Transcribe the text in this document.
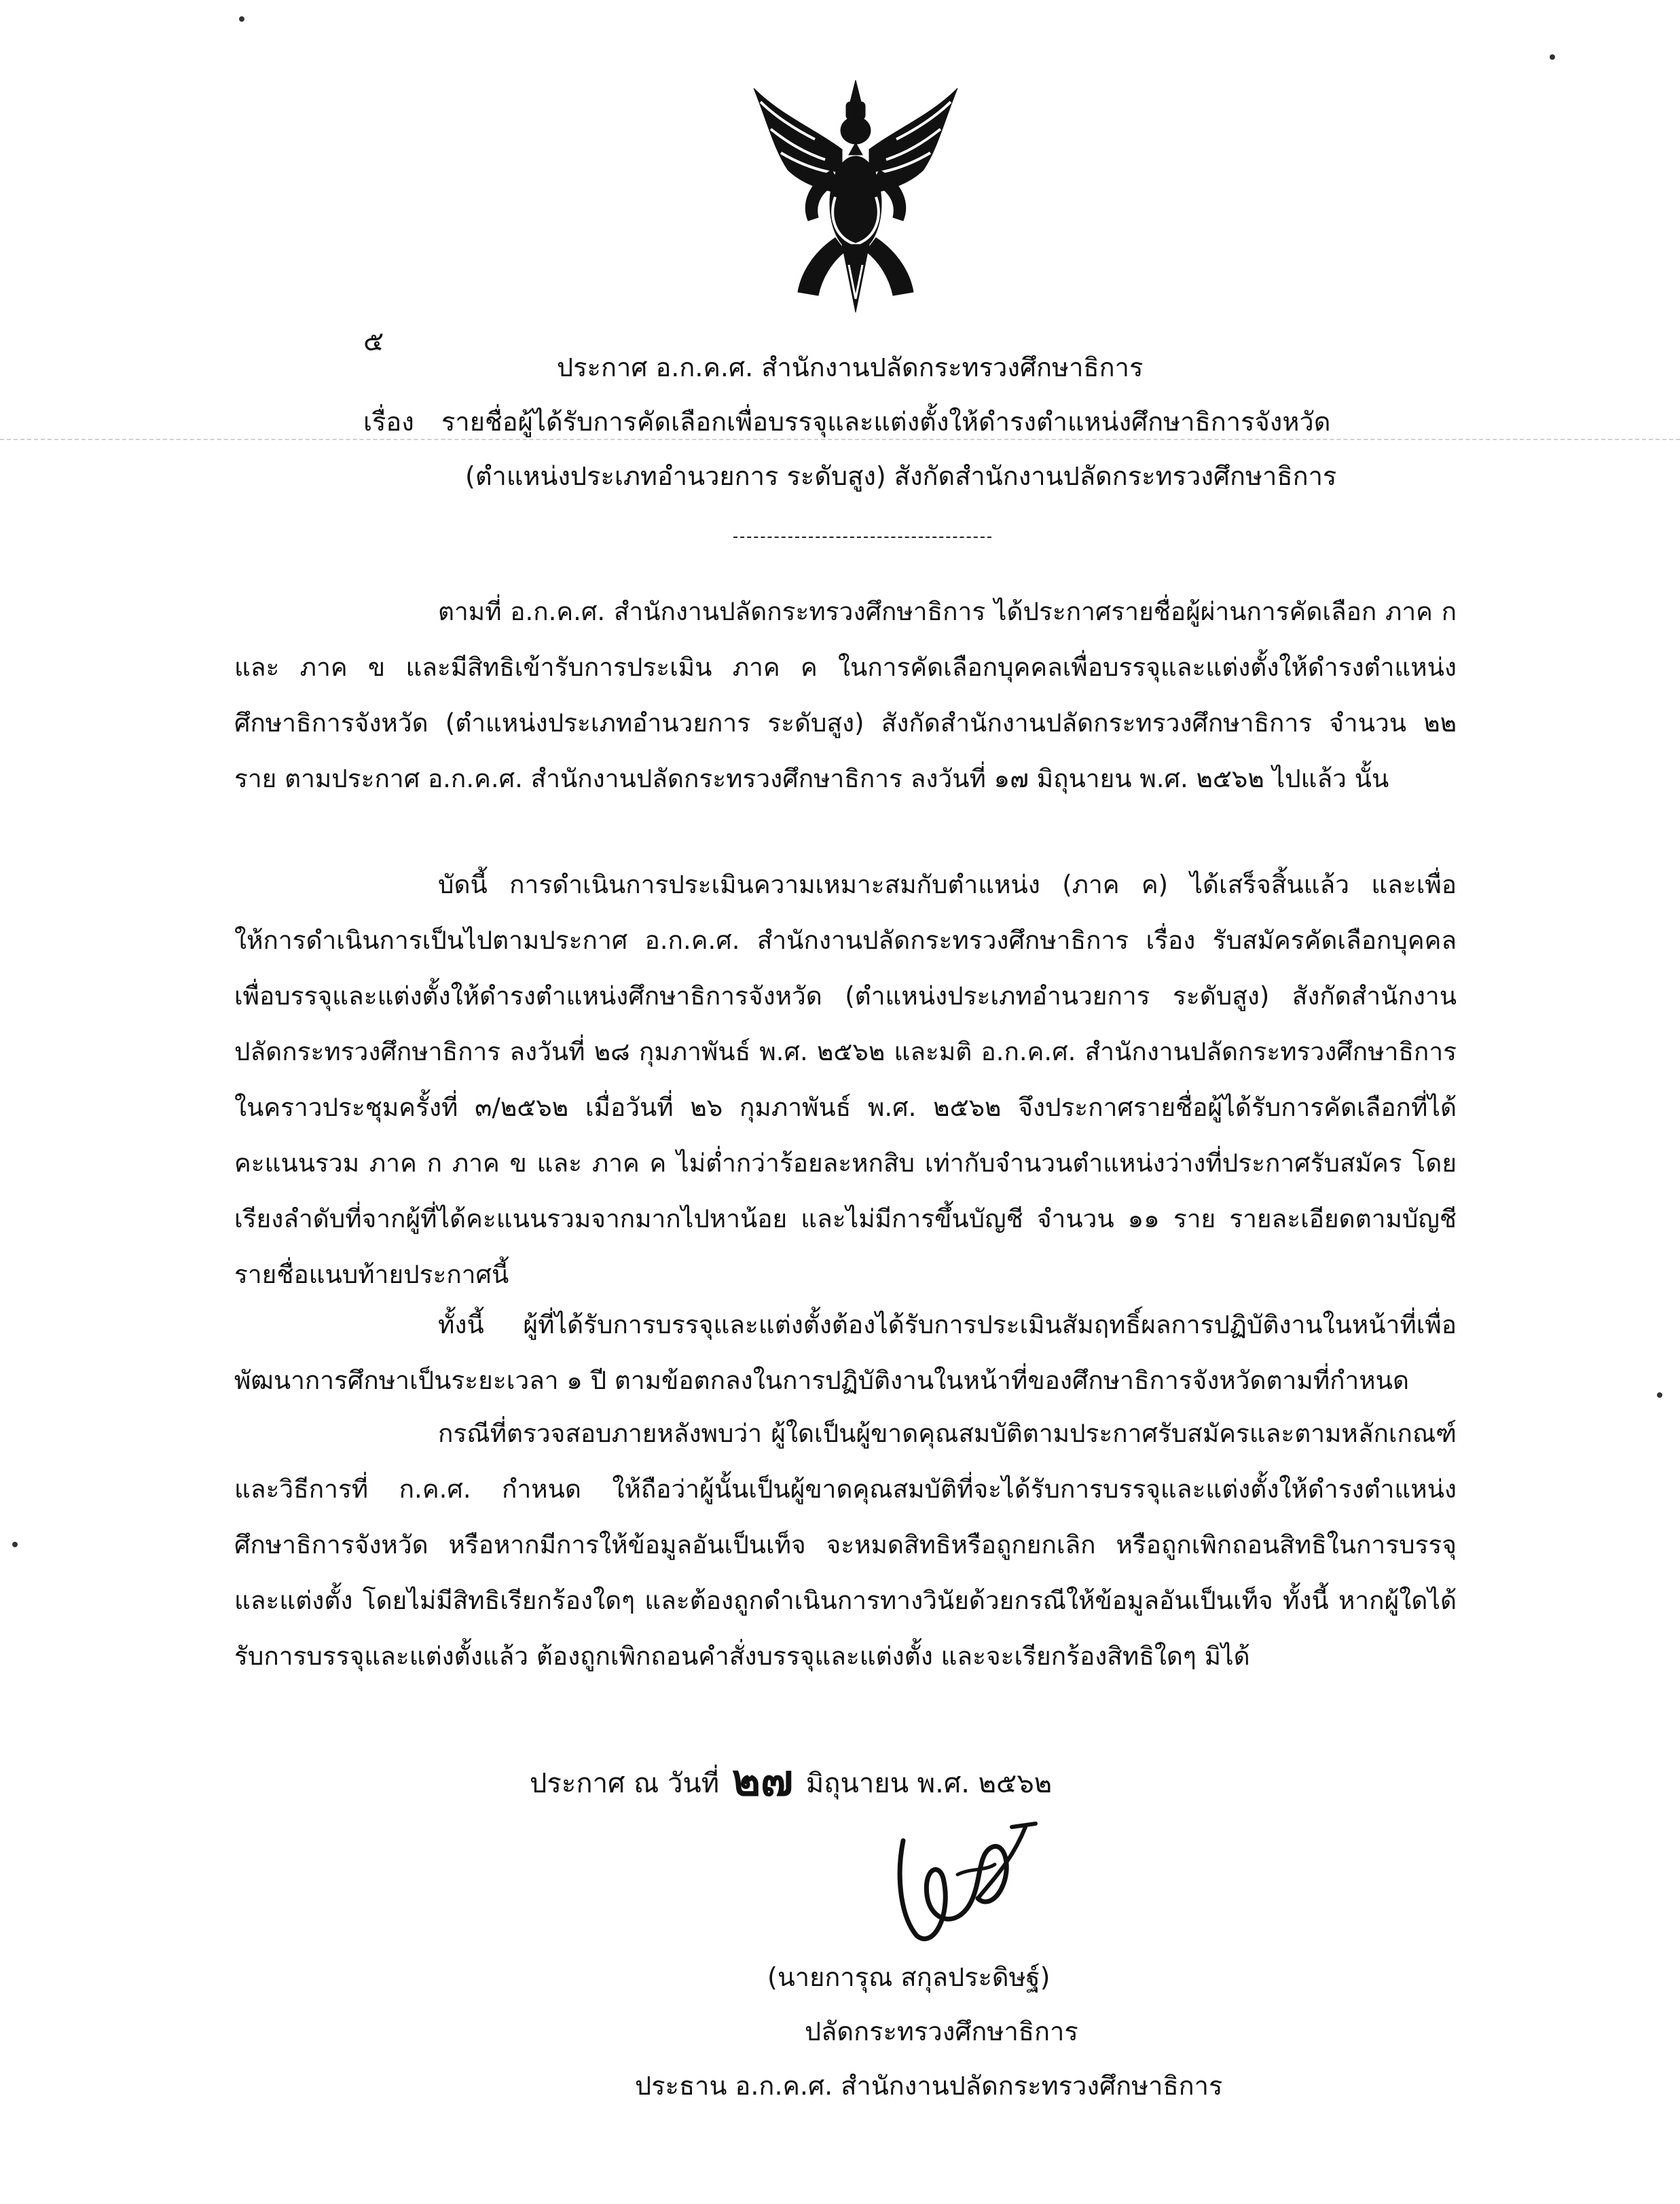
๕
ประกาศ อ.ก.ค.ศ. สำนักงานปลัดกระทรวงศึกษาธิการ
เรื่อง รายชื่อผู้ได้รับการคัดเลือกเพื่อบรรจุและแต่งตั้งให้ดำรงตำแหน่งศึกษาธิการจังหวัด
(ตำแหน่งประเภทอำนวยการ ระดับสูง) สังกัดสำนักงานปลัดกระทรวงศึกษาธิการ
ตามที่ อ.ก.ค.ศ. สำนักงานปลัดกระทรวงศึกษาธิการ ได้ประกาศรายชื่อผู้ผ่านการคัดเลือก ภาค ก และ ภาค ข และมีสิทธิเข้ารับการประเมิน ภาค ค ในการคัดเลือกบุคคลเพื่อบรรจุและแต่งตั้งให้ดำรงตำแหน่งศึกษาธิการจังหวัด (ตำแหน่งประเภทอำนวยการ ระดับสูง) สังกัดสำนักงานปลัดกระทรวงศึกษาธิการ จำนวน ๒๒ ราย ตามประกาศ อ.ก.ค.ศ. สำนักงานปลัดกระทรวงศึกษาธิการ ลงวันที่ ๑๗ มิถุนายน พ.ศ. ๒๕๖๒ ไปแล้ว นั้น
บัดนี้ การดำเนินการประเมินความเหมาะสมกับตำแหน่ง (ภาค ค) ได้เสร็จสิ้นแล้ว และเพื่อให้การดำเนินการเป็นไปตามประกาศ อ.ก.ค.ศ. สำนักงานปลัดกระทรวงศึกษาธิการ เรื่อง รับสมัครคัดเลือกบุคคลเพื่อบรรจุและแต่งตั้งให้ดำรงตำแหน่งศึกษาธิการจังหวัด (ตำแหน่งประเภทอำนวยการ ระดับสูง) สังกัดสำนักงานปลัดกระทรวงศึกษาธิการ ลงวันที่ ๒๘ กุมภาพันธ์ พ.ศ. ๒๕๖๒ และมติ อ.ก.ค.ศ. สำนักงานปลัดกระทรวงศึกษาธิการ ในคราวประชุมครั้งที่ ๓/๒๕๖๒ เมื่อวันที่ ๒๖ กุมภาพันธ์ พ.ศ. ๒๕๖๒ จึงประกาศรายชื่อผู้ได้รับการคัดเลือกที่ได้คะแนนรวม ภาค ก ภาค ข และ ภาค ค ไม่ต่ำกว่าร้อยละหกสิบ เท่ากับจำนวนตำแหน่งว่างที่ประกาศรับสมัคร โดยเรียงลำดับที่จากผู้ที่ได้คะแนนรวมจากมากไปหาน้อย และไม่มีการขึ้นบัญชี จำนวน ๑๑ ราย รายละเอียดตามบัญชีรายชื่อแนบท้ายประกาศนี้
ทั้งนี้ ผู้ที่ได้รับการบรรจุและแต่งตั้งต้องได้รับการประเมินสัมฤทธิ์ผลการปฏิบัติงานในหน้าที่เพื่อพัฒนาการศึกษาเป็นระยะเวลา ๑ ปี ตามข้อตกลงในการปฏิบัติงานในหน้าที่ของศึกษาธิการจังหวัดตามที่กำหนด
กรณีที่ตรวจสอบภายหลังพบว่า ผู้ใดเป็นผู้ขาดคุณสมบัติตามประกาศรับสมัครและตามหลักเกณฑ์และวิธีการที่ ก.ค.ศ. กำหนด ให้ถือว่าผู้นั้นเป็นผู้ขาดคุณสมบัติที่จะได้รับการบรรจุและแต่งตั้งให้ดำรงตำแหน่งศึกษาธิการจังหวัด หรือหากมีการให้ข้อมูลอันเป็นเท็จ จะหมดสิทธิหรือถูกยกเลิก หรือถูกเพิกถอนสิทธิในการบรรจุและแต่งตั้ง โดยไม่มีสิทธิเรียกร้องใดๆ และต้องถูกดำเนินการทางวินัยด้วยกรณีให้ข้อมูลอันเป็นเท็จ ทั้งนี้ หากผู้ใดได้รับการบรรจุและแต่งตั้งแล้ว ต้องถูกเพิกถอนคำสั่งบรรจุและแต่งตั้ง และจะเรียกร้องสิทธิใดๆ มิได้
ประกาศ ณ วันที่ ๒๗ มิถุนายน พ.ศ. ๒๕๖๒
(นายการุณ สกุลประดิษฐ์)
ปลัดกระทรวงศึกษาธิการ
ประธาน อ.ก.ค.ศ. สำนักงานปลัดกระทรวงศึกษาธิการ
